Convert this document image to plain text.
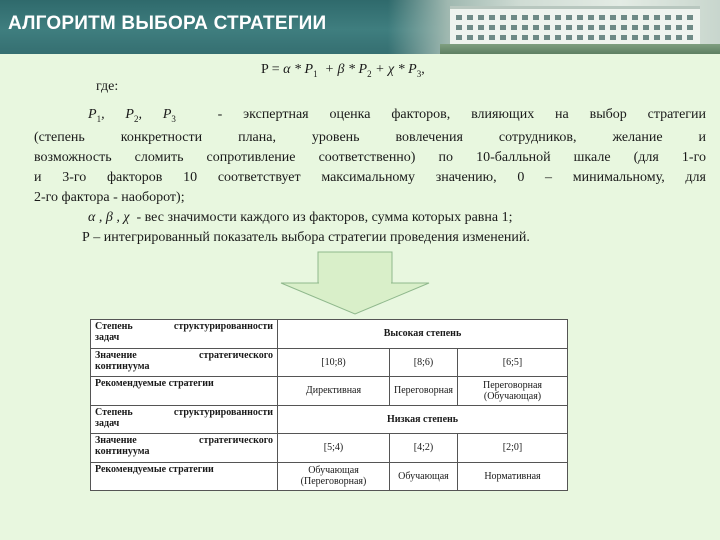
АЛГОРИТМ ВЫБОРА СТРАТЕГИИ
$P = \alpha * P_1 + \beta * P_2 + \chi * P_3$,
где:
$P_1$, $P_2$, $P_3$	- экспертная оценка факторов, влияющих на выбор стратегии
(степень конкретности плана, уровень вовлечения сотрудников, желание и
возможность сломить сопротивление соответственно) по 10-балльной шкале (для 1-го
и 3-го факторов 10 соответствует максимальному значению, 0 – минимальному, для
2-го фактора - наоборот);
α , β , χ - вес значимости каждого из факторов, сумма которых равна 1;
Р – интегрированный показатель выбора стратегии проведения изменений.
Степень структурированности
задач	Высокая степень		

Значение стратегического
континуума	[10;8)	[8;6)	[6;5]
Рекомендуемые стратегии	Директивная	Переговорная	Переговорная (Обучающая)

Степень структурированности
задач	Низкая степень		

Значение стратегического
континуума	[5;4)	[4;2)	[2;0]
Рекомендуемые стратегии	Обучающая (Переговорная)	Обучающая	Нормативная
